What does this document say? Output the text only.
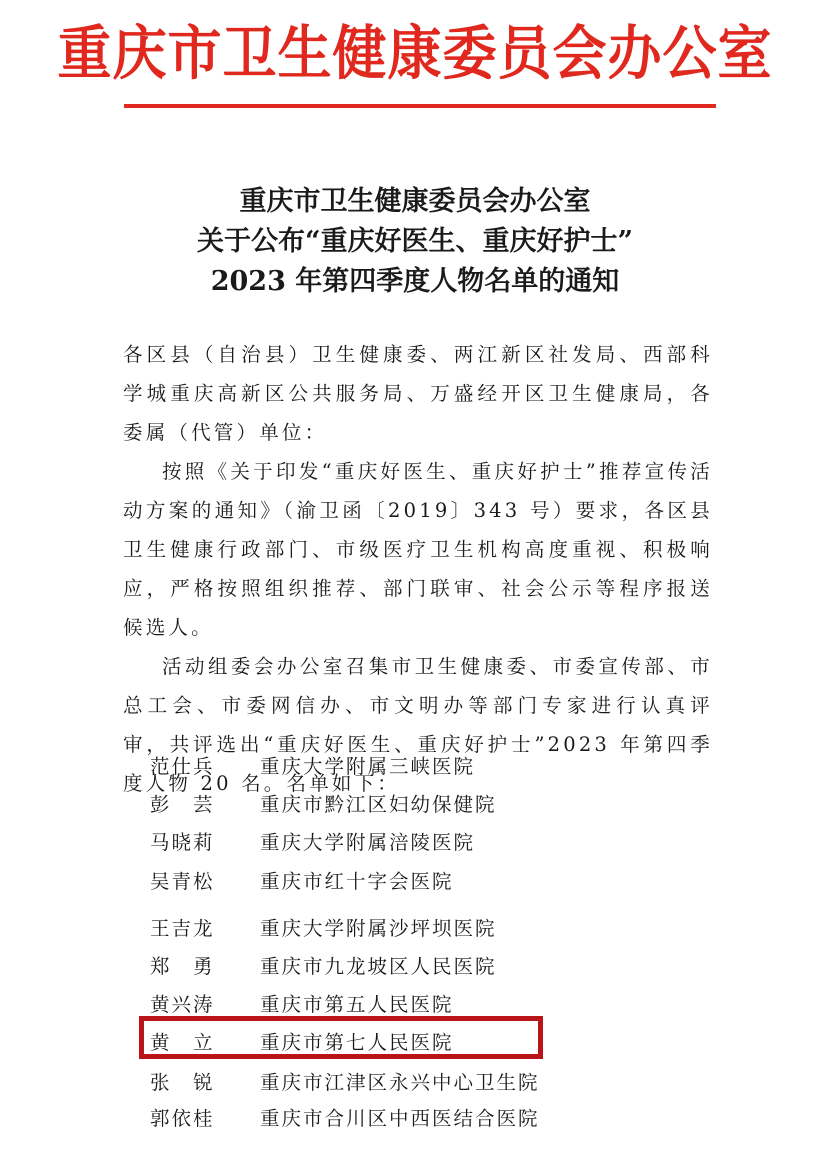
重庆市卫生健康委员会办公室
重庆市卫生健康委员会办公室
关于公布“重庆好医生、重庆好护士”
2023 年第四季度人物名单的通知

各区县（自治县）卫生健康委、两江新区社发局、西部科学城重庆高新区公共服务局、万盛经开区卫生健康局，各委属（代管）单位：

按照《关于印发“重庆好医生、重庆好护士”推荐宣传活动方案的通知》（渝卫函〔2019〕343 号）要求，各区县卫生健康行政部门、市级医疗卫生机构高度重视、积极响应，严格按照组织推荐、部门联审、社会公示等程序报送候选人。

活动组委会办公室召集市卫生健康委、市委宣传部、市总工会、市委网信办、市文明办等部门专家进行认真评审，共评选出“重庆好医生、重庆好护士”2023 年第四季度人物 20 名。名单如下：

范仕兵	重庆大学附属三峡医院
彭　芸	重庆市黔江区妇幼保健院
马晓莉	重庆大学附属涪陵医院
吴青松	重庆市红十字会医院
王吉龙	重庆大学附属沙坪坝医院
郑　勇	重庆市九龙坡区人民医院
黄兴涛	重庆市第五人民医院
黄　立	重庆市第七人民医院
张　锐	重庆市江津区永兴中心卫生院
郭依桂	重庆市合川区中西医结合医院
